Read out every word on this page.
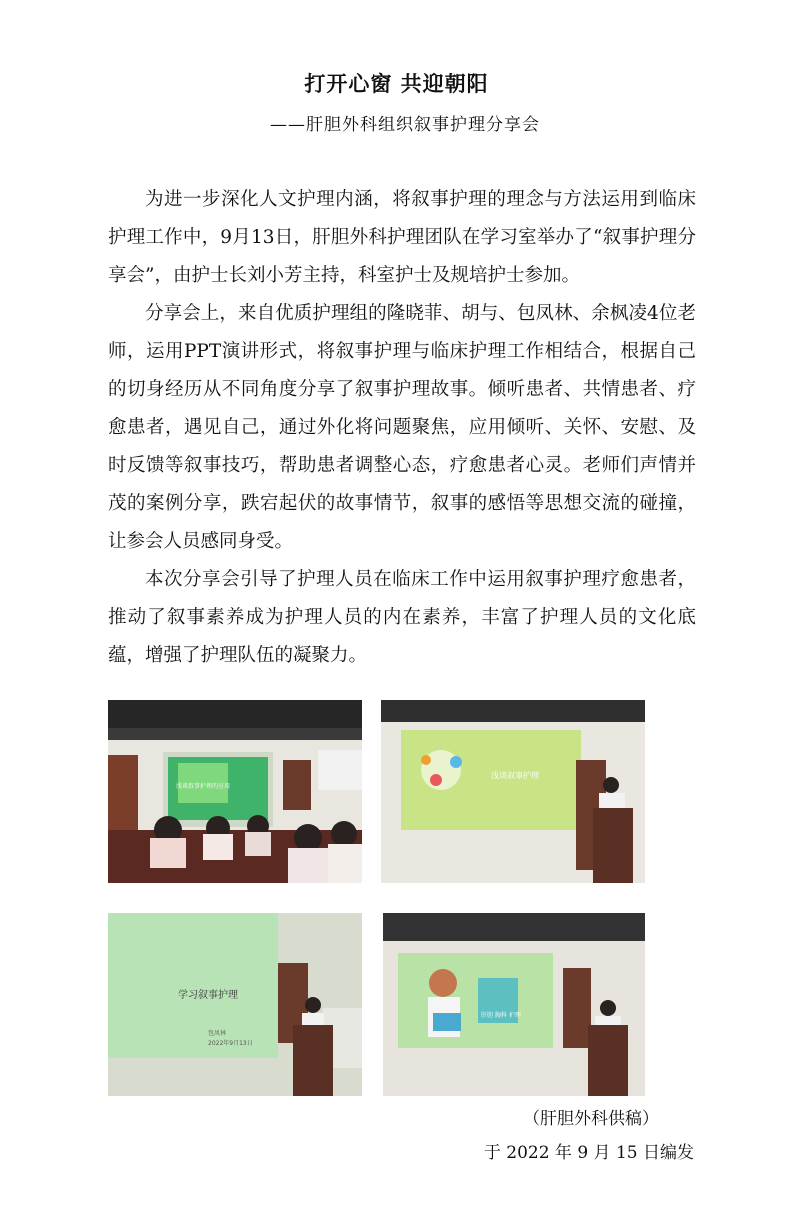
打开心窗 共迎朝阳
——肝胆外科组织叙事护理分享会

为进一步深化人文护理内涵，将叙事护理的理念与方法运用到临床护理工作中，9月13日，肝胆外科护理团队在学习室举办了“叙事护理分享会”，由护士长刘小芳主持，科室护士及规培护士参加。

分享会上，来自优质护理组的隆晓菲、胡与、包凤林、余枫凌4位老师，运用PPT演讲形式，将叙事护理与临床护理工作相结合，根据自己的切身经历从不同角度分享了叙事护理故事。倾听患者、共情患者、疗愈患者，遇见自己，通过外化将问题聚焦，应用倾听、关怀、安慰、及时反馈等叙事技巧，帮助患者调整心态，疗愈患者心灵。老师们声情并茂的案例分享，跌宕起伏的故事情节，叙事的感悟等思想交流的碰撞，让参会人员感同身受。

本次分享会引导了护理人员在临床工作中运用叙事护理疗愈患者，推动了叙事素养成为护理人员的内在素养，丰富了护理人员的文化底蕴，增强了护理队伍的凝聚力。

浅谈叙事护理的应用
浅谈叙事护理
学习叙事护理
包凤林
2022年9月13日
肝胆 胸科 护理
（肝胆外科供稿）
于 2022 年 9 月 15 日编发
